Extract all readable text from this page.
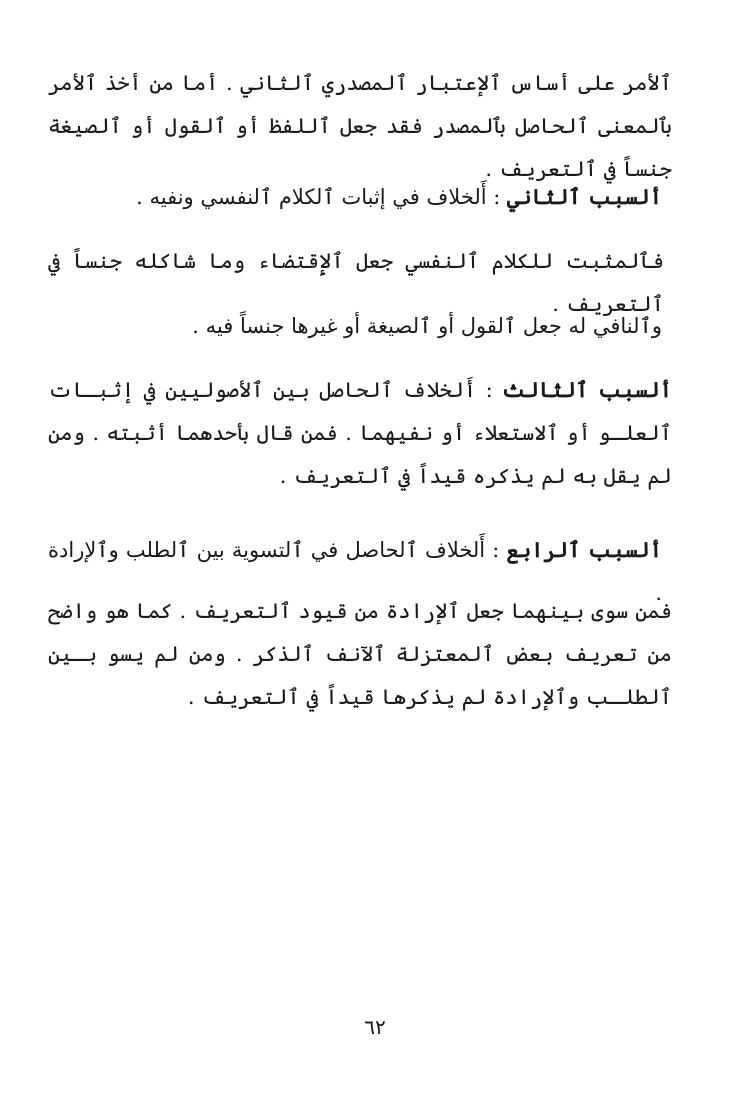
ٱلأمر على أساس ٱلإعتبار ٱلمصدري ٱلثاني . أما من أخذ ٱلأمر بٱلمعنى ٱلحاصل بٱلمصدر فقد جعل ٱللفظ أو ٱلقول أو ٱلصيغة جنساً في ٱلتعريف .
ألسبب ٱلثاني : أَلخلاف في إثبات ٱلكلام ٱلنفسي ونفيه .
فٱلمثبت للكلام ٱلنفسي جعل ٱلإِقتضاء وما شاكله جنساً في ٱلتعريف .
وٱلنافي له جعل ٱلقول أو ٱلصيغة أو غيرها جنساً فيه .
ألسبب ٱلثالث : أَلخلاف ٱلحاصل بين ٱلأصوليين في إثبـات ٱلعلـو أو ٱلاستعلاء أو نفيهما . فمن قال بأحدهما أثبته . ومن لم يقل به لم يذكره قيداً في ٱلتعريف .
ألسبب ٱلرابع : أَلخلاف ٱلحاصل في ٱلتسوية بين ٱلطلب وٱلإرادة .
فمن سوى بينهما جعل ٱلإرادة من قيود ٱلتعريف . كما هو واضح من تعريف بعض ٱلمعتزلة ٱلآنف ٱلذكر . ومن لم يسو بـين ٱلطلـب وٱلإرادة لم يذكرها قيداً في ٱلتعريف .
٦٢
